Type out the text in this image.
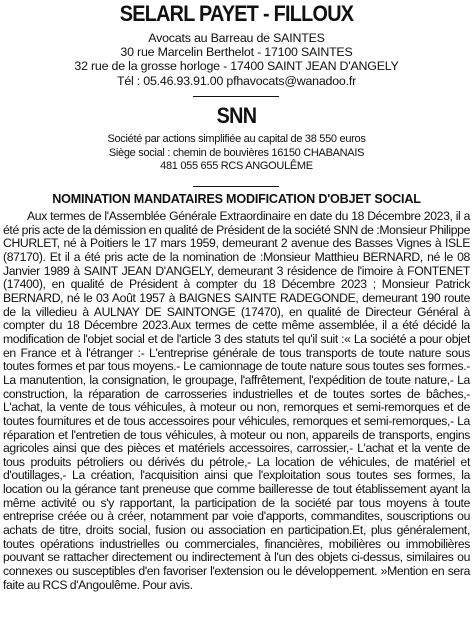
SELARL PAYET - FILLOUX
Avocats au Barreau de SAINTES
30 rue Marcelin Berthelot - 17100 SAINTES
32 rue de la grosse horloge - 17400 SAINT JEAN D'ANGELY
Tél : 05.46.93.91.00 pfhavocats@wanadoo.fr
SNN
Société par actions simplifiée au capital de 38 550 euros
Siège social : chemin de bouvières 16150 CHABANAIS
481 055 655 RCS ANGOULÊME
NOMINATION MANDATAIRES MODIFICATION D'OBJET SOCIAL
Aux termes de l'Assemblée Générale Extraordinaire en date du 18 Décembre 2023, il a été pris acte de la démission en qualité de Président de la société SNN de :Monsieur Philippe CHURLET, né à Poitiers le 17 mars 1959, demeurant 2 avenue des Basses Vignes à ISLE (87170). Et il a été pris acte de la nomination de :Monsieur Matthieu BERNARD, né le 08 Janvier 1989 à SAINT JEAN D'ANGELY, demeurant 3 résidence de l'imoire à FONTENET (17400), en qualité de Président à compter du 18 Décembre 2023 ; Monsieur Patrick BERNARD, né le 03 Août 1957 à BAIGNES SAINTE RADEGONDE, demeurant 190 route de la villedieu à AULNAY DE SAINTONGE (17470), en qualité de Directeur Général à compter du 18 Décembre 2023.Aux termes de cette même assemblée, il a été décidé la modification de l'objet social et de l'article 3 des statuts tel qu'il suit :« La société a pour objet en France et à l'étranger :- L'entreprise générale de tous transports de toute nature sous toutes formes et par tous moyens.- Le camionnage de toute nature sous toutes ses formes.- La manutention, la consignation, le groupage, l'affrêtement, l'expédition de toute nature,- La construction, la réparation de carrosseries industrielles et de toutes sortes de bâches,- L'achat, la vente de tous véhicules, à moteur ou non, remorques et semi-remorques et de toutes fournitures et de tous accessoires pour véhicules, remorques et semi-remorques,- La réparation et l'entretien de tous véhicules, à moteur ou non, appareils de transports, engins agricoles ainsi que des pièces et matériels accessoires, carrossier,- L'achat et la vente de tous produits pétroliers ou dérivés du pétrole,- La location de véhicules, de matériel et d'outillages,- La création, l'acquisition ainsi que l'exploitation sous toutes ses formes, la location ou la gérance tant preneuse que comme bailleresse de tout établissement ayant la même activité ou s'y rapportant, la participation de la société par tous moyens à toute entreprise créée ou à créer, notamment par voie d'apports, commandites, souscriptions ou achats de titre, droits social, fusion ou association en participation.Et, plus généralement, toutes opérations industrielles ou commerciales, financières, mobilières ou immobilières pouvant se rattacher directement ou indirectement à l'un des objets ci-dessus, similaires ou connexes ou susceptibles d'en favoriser l'extension ou le développement. »Mention en sera faite au RCS d'Angoulême. Pour avis.
